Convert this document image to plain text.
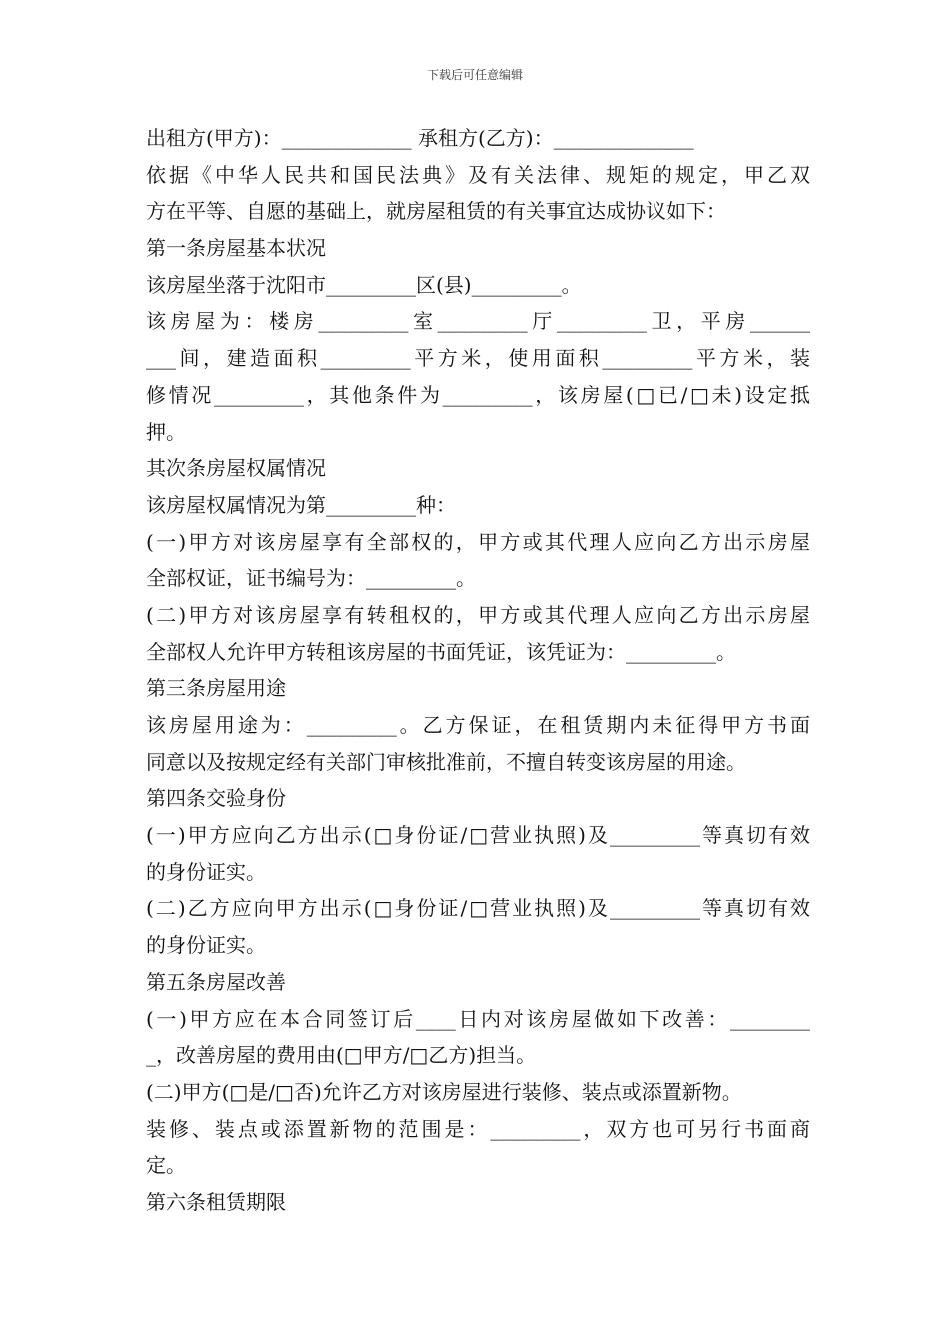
下载后可任意编辑
出租方(甲方)：_____________ 承租方(乙方)：______________
依据《中华人民共和国民法典》及有关法律、规矩的规定，甲乙双
方在平等、自愿的基础上，就房屋租赁的有关事宜达成协议如下：
第一条房屋基本状况
该房屋坐落于沈阳市_________区(县)_________。
该房屋为：楼房_________室_________厅_________卫，平房______
___间，建造面积_________平方米，使用面积_________平方米，装
修情况_________，其他条件为_________，该房屋(□已/□未)设定抵
押。
其次条房屋权属情况
该房屋权属情况为第_________种：
(一)甲方对该房屋享有全部权的，甲方或其代理人应向乙方出示房屋
全部权证，证书编号为：_________。
(二)甲方对该房屋享有转租权的，甲方或其代理人应向乙方出示房屋
全部权人允许甲方转租该房屋的书面凭证，该凭证为：_________。
第三条房屋用途
该房屋用途为：_________。乙方保证，在租赁期内未征得甲方书面
同意以及按规定经有关部门审核批准前，不擅自转变该房屋的用途。
第四条交验身份
(一)甲方应向乙方出示(□身份证/□营业执照)及_________等真切有效
的身份证实。
(二)乙方应向甲方出示(□身份证/□营业执照)及_________等真切有效
的身份证实。
第五条房屋改善
(一)甲方应在本合同签订后____日内对该房屋做如下改善：________
_，改善房屋的费用由(□甲方/□乙方)担当。
(二)甲方(□是/□否)允许乙方对该房屋进行装修、装点或添置新物。
装修、装点或添置新物的范围是：_________，双方也可另行书面商
定。
第六条租赁期限
